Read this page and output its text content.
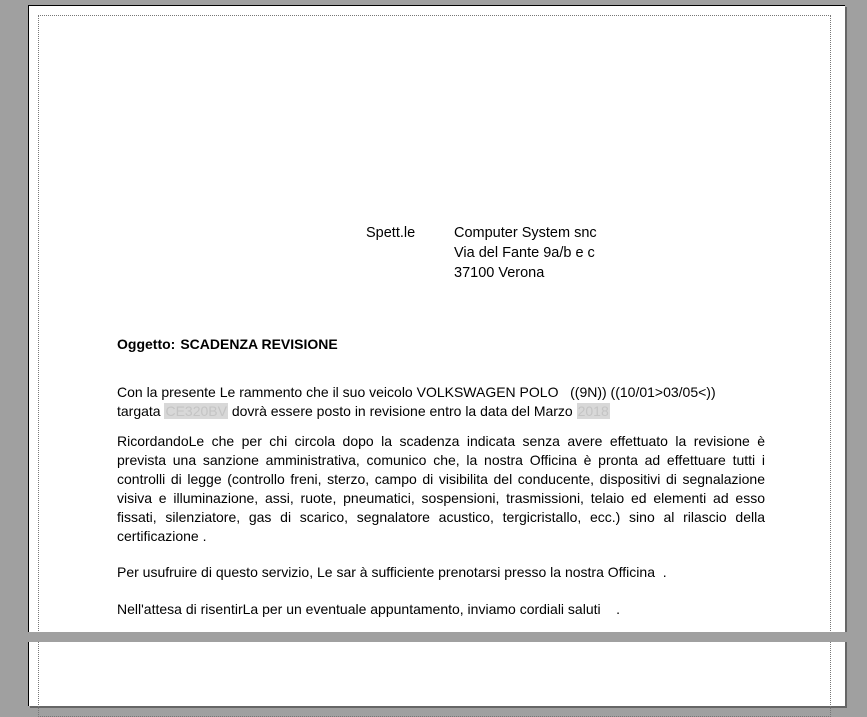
Spett.le	Computer System snc
Via del Fante 9a/b e c
37100 Verona
Oggetto: SCADENZA REVISIONE
Con la presente Le rammento che il suo veicolo VOLKSWAGEN POLO   ((9N)) ((10/01>03/05<))
targata CE320BV dovrà essere posto in revisione entro la data del Marzo 2018
RicordandoLe che per chi circola dopo la scadenza indicata senza avere effettuato la revisione è prevista una sanzione amministrativa, comunico che, la nostra Officina è pronta ad effettuare tutti i controlli di legge (controllo freni, sterzo, campo di visibilita del conducente, dispositivi di segnalazione visiva e illuminazione, assi, ruote, pneumatici, sospensioni, trasmissioni, telaio ed elementi ad esso fissati, silenziatore, gas di scarico, segnalatore acustico, tergicristallo, ecc.) sino al rilascio della certificazione .
Per usufruire di questo servizio, Le sar à sufficiente prenotarsi presso la nostra Officina  .
Nell'attesa di risentirLa per un eventuale appuntamento, inviamo cordiali saluti    .
